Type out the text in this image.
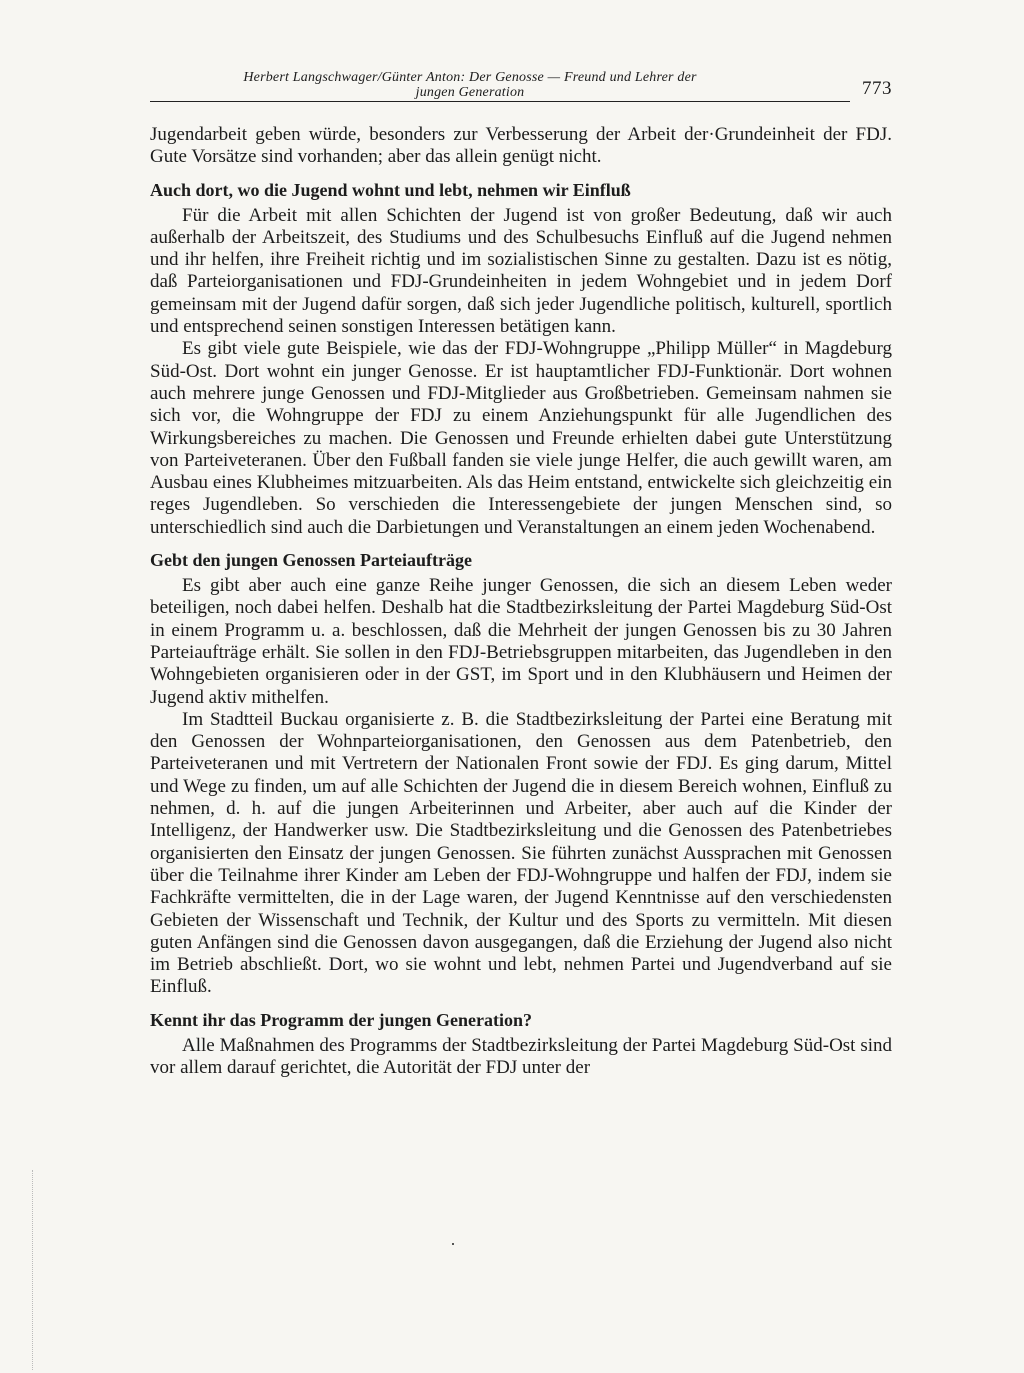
Herbert Langschwager/Günter Anton: Der Genosse — Freund und Lehrer der
jungen Generation	773

Jugendarbeit geben würde, besonders zur Verbesserung der Arbeit der·Grundeinheit der FDJ. Gute Vorsätze sind vorhanden; aber das allein genügt nicht.

Auch dort, wo die Jugend wohnt und lebt, nehmen wir Einfluß

Für die Arbeit mit allen Schichten der Jugend ist von großer Bedeutung, daß wir auch außerhalb der Arbeitszeit, des Studiums und des Schulbesuchs Einfluß auf die Jugend nehmen und ihr helfen, ihre Freiheit richtig und im sozialistischen Sinne zu gestalten. Dazu ist es nötig, daß Parteiorganisationen und FDJ-Grundeinheiten in jedem Wohngebiet und in jedem Dorf gemeinsam mit der Jugend dafür sorgen, daß sich jeder Jugendliche politisch, kulturell, sportlich und entsprechend seinen sonstigen Interessen betätigen kann.

Es gibt viele gute Beispiele, wie das der FDJ-Wohngruppe „Philipp Müller“ in Magdeburg Süd-Ost. Dort wohnt ein junger Genosse. Er ist hauptamtlicher FDJ-Funktionär. Dort wohnen auch mehrere junge Genossen und FDJ-Mitglieder aus Großbetrieben. Gemeinsam nahmen sie sich vor, die Wohngruppe der FDJ zu einem Anziehungspunkt für alle Jugendlichen des Wirkungsbereiches zu machen. Die Genossen und Freunde erhielten dabei gute Unterstützung von Parteiveteranen. Über den Fußball fanden sie viele junge Helfer, die auch gewillt waren, am Ausbau eines Klubheimes mitzuarbeiten. Als das Heim entstand, entwickelte sich gleichzeitig ein reges Jugendleben. So verschieden die Interessengebiete der jungen Menschen sind, so unterschiedlich sind auch die Darbietungen und Veranstaltungen an einem jeden Wochenabend.

Gebt den jungen Genossen Parteiaufträge

Es gibt aber auch eine ganze Reihe junger Genossen, die sich an diesem Leben weder beteiligen, noch dabei helfen. Deshalb hat die Stadtbezirksleitung der Partei Magdeburg Süd-Ost in einem Programm u. a. beschlossen, daß die Mehrheit der jungen Genossen bis zu 30 Jahren Parteiaufträge erhält. Sie sollen in den FDJ-Betriebsgruppen mitarbeiten, das Jugendleben in den Wohngebieten organisieren oder in der GST, im Sport und in den Klubhäusern und Heimen der Jugend aktiv mithelfen.

Im Stadtteil Buckau organisierte z. B. die Stadtbezirksleitung der Partei eine Beratung mit den Genossen der Wohnparteiorganisationen, den Genossen aus dem Patenbetrieb, den Parteiveteranen und mit Vertretern der Nationalen Front sowie der FDJ. Es ging darum, Mittel und Wege zu finden, um auf alle Schichten der Jugend die in diesem Bereich wohnen, Einfluß zu nehmen, d. h. auf die jungen Arbeiterinnen und Arbeiter, aber auch auf die Kinder der Intelligenz, der Handwerker usw. Die Stadtbezirksleitung und die Genossen des Patenbetriebes organisierten den Einsatz der jungen Genossen. Sie führten zunächst Aussprachen mit Genossen über die Teilnahme ihrer Kinder am Leben der FDJ-Wohngruppe und halfen der FDJ, indem sie Fachkräfte vermittelten, die in der Lage waren, der Jugend Kenntnisse auf den verschiedensten Gebieten der Wissenschaft und Technik, der Kultur und des Sports zu vermitteln. Mit diesen guten Anfängen sind die Genossen davon ausgegangen, daß die Erziehung der Jugend also nicht im Betrieb abschließt. Dort, wo sie wohnt und lebt, nehmen Partei und Jugendverband auf sie Einfluß.

Kennt ihr das Programm der jungen Generation?

Alle Maßnahmen des Programms der Stadtbezirksleitung der Partei Magdeburg Süd-Ost sind vor allem darauf gerichtet, die Autorität der FDJ unter der
